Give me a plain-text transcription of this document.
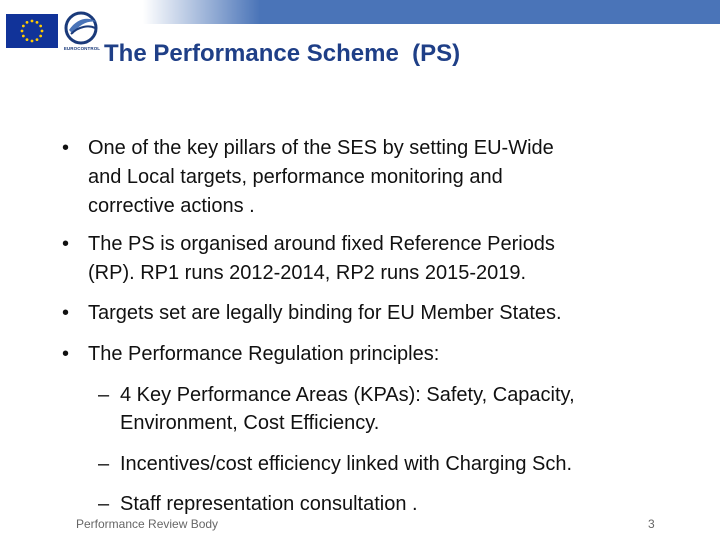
EUROCONTROL The Performance Scheme  (PS)
• One of the key pillars of the SES by setting EU-Wide
and Local targets, performance monitoring and
corrective actions .
• The PS is organised around fixed Reference Periods
(RP). RP1 runs 2012-2014, RP2 runs 2015-2019.
• Targets set are legally binding for EU Member States.
• The Performance Regulation principles:
– 4 Key Performance Areas (KPAs): Safety, Capacity,
Environment, Cost Efficiency.
– Incentives/cost efficiency linked with Charging Sch.
– Staff representation consultation .
Performance Review Body	3
